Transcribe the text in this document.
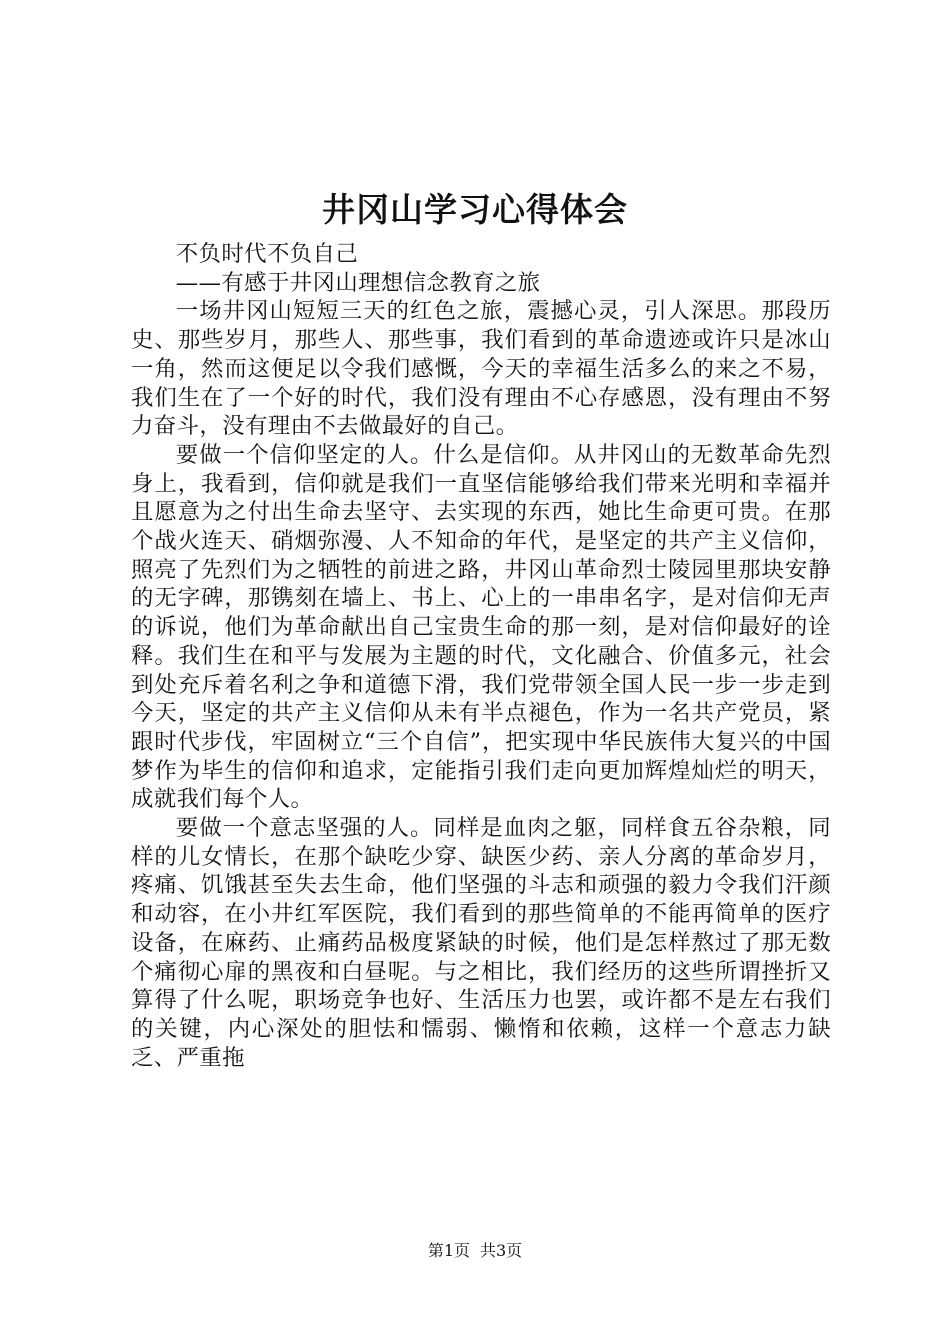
井冈山学习心得体会

不负时代不负自己

——有感于井冈山理想信念教育之旅

一场井冈山短短三天的红色之旅，震撼心灵，引人深思。那段历史、那些岁月，那些人、那些事，我们看到的革命遗迹或许只是冰山一角，然而这便足以令我们感慨，今天的幸福生活多么的来之不易，我们生在了一个好的时代，我们没有理由不心存感恩，没有理由不努力奋斗，没有理由不去做最好的自己。

要做一个信仰坚定的人。什么是信仰。从井冈山的无数革命先烈身上，我看到，信仰就是我们一直坚信能够给我们带来光明和幸福并且愿意为之付出生命去坚守、去实现的东西，她比生命更可贵。在那个战火连天、硝烟弥漫、人不知命的年代，是坚定的共产主义信仰，照亮了先烈们为之牺牲的前进之路，井冈山革命烈士陵园里那块安静的无字碑，那镌刻在墙上、书上、心上的一串串名字，是对信仰无声的诉说，他们为革命献出自己宝贵生命的那一刻，是对信仰最好的诠释。我们生在和平与发展为主题的时代，文化融合、价值多元，社会到处充斥着名利之争和道德下滑，我们党带领全国人民一步一步走到今天，坚定的共产主义信仰从未有半点褪色，作为一名共产党员，紧跟时代步伐，牢固树立“三个自信”，把实现中华民族伟大复兴的中国梦作为毕生的信仰和追求，定能指引我们走向更加辉煌灿烂的明天，成就我们每个人。

要做一个意志坚强的人。同样是血肉之躯，同样食五谷杂粮，同样的儿女情长，在那个缺吃少穿、缺医少药、亲人分离的革命岁月，疼痛、饥饿甚至失去生命，他们坚强的斗志和顽强的毅力令我们汗颜和动容，在小井红军医院，我们看到的那些简单的不能再简单的医疗设备，在麻药、止痛药品极度紧缺的时候，他们是怎样熬过了那无数个痛彻心扉的黑夜和白昼呢。与之相比，我们经历的这些所谓挫折又算得了什么呢，职场竞争也好、生活压力也罢，或许都不是左右我们的关键，内心深处的胆怯和懦弱、懒惰和依赖，这样一个意志力缺乏、严重拖

第1页 共3页
